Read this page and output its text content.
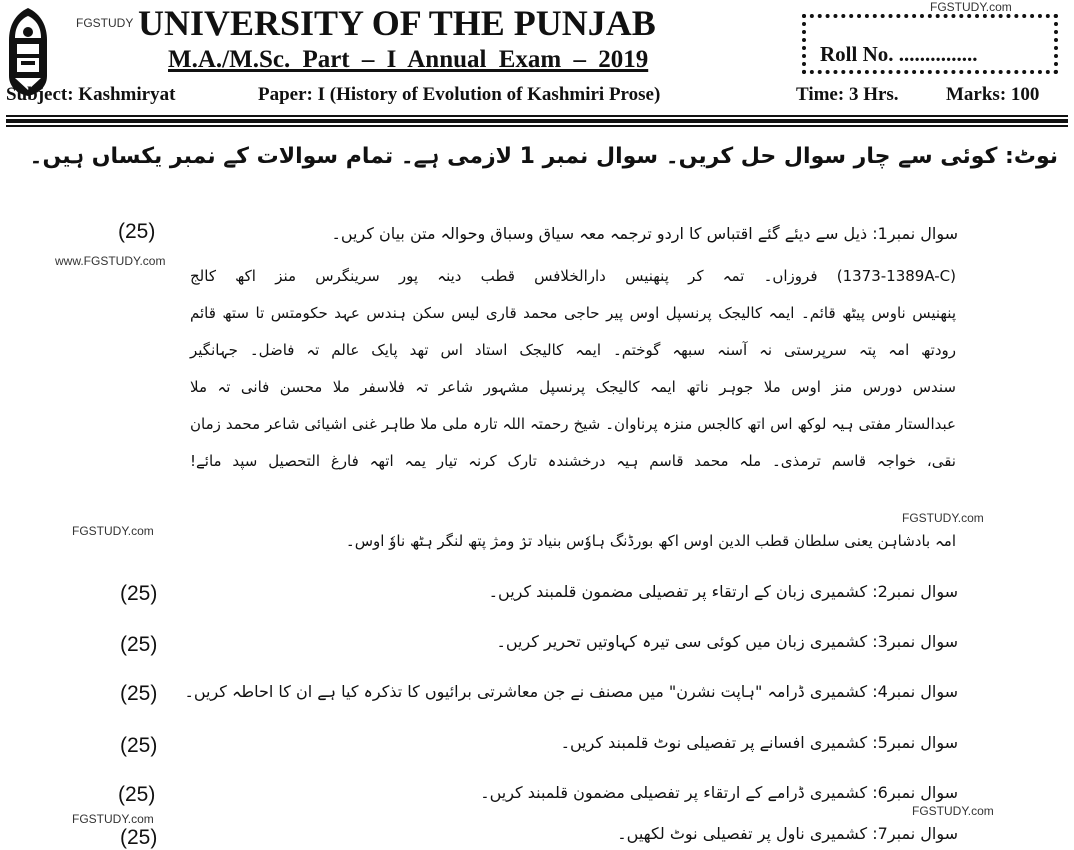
FGSTUDY
FGSTUDY.com
UNIVERSITY OF THE PUNJAB
M.A./M.Sc. Part – I Annual Exam – 2019	Roll No. ...............
Subject: Kashmiryat	Paper: I (History of Evolution of Kashmiri Prose)	Time: 3 Hrs. Marks: 100
نوٹ: کوئی سے چار سوال حل کریں۔ سوال نمبر 1 لازمی ہے۔ تمام سوالات کے نمبر یکساں ہیں۔
سوال نمبر1: ذیل سے دیئے گئے اقتباس کا اردو ترجمہ معہ سیاق وسباق وحوالہ متن بیان کریں۔
(25)
www.FGSTUDY.com
(1373-1389A-C) فروزاں۔ تمہ کر پنھنیس دارالخلافس قطب دینہ پور سرینگرس منز اکھ کالج
پنھنیس ناوس پیٹھ قائم۔ ایمہ کالیجک پرنسپل اوس پیر حاجی محمد قاری لیس سکن ہندس عہد حکومتس تا ستھ قائم
رودتھ امہ پتہ سرپرستی نہ آسنہ سبھہ گوختم۔ ایمہ کالیجک استاد اس تھد پایک عالم تہ فاضل۔ جہانگیر
سندس دورس منز اوس ملا جوہر ناتھ ایمہ کالیجک پرنسپل مشہور شاعر تہ فلاسفر ملا محسن فانی تہ ملا
عبدالستار مفتی ہیہ لوکھ اس اتھ کالجس منزہ پرناوان۔ شیخ رحمتہ اللہ تارہ ملی ملا طاہر غنی اشیائی شاعر محمد زمان
نقی، خواجہ قاسم ترمذی۔ ملہ محمد قاسم ہیہ درخشندہ تارک کرنہ تیار یمہ اتھہ فارغ التحصیل سپد مائے!
امہ بادشاہن یعنی سلطان قطب الدین اوس اکھ بورڈنگ ہاوٗس بنیاد ترٛ ومژ پتھ لنگر ہٹھ ناوٗ اوس۔
FGSTUDY.com
FGSTUDY.com
سوال نمبر2: کشمیری زبان کے ارتقاء پر تفصیلی مضمون قلمبند کریں۔
(25)
سوال نمبر3: کشمیری زبان میں کوئی سی تیرہ کہاوتیں تحریر کریں۔
(25)
سوال نمبر4: کشمیری ڈرامہ "ہاپت نشرن" میں مصنف نے جن معاشرتی برائیوں کا تذکرہ کیا ہے ان کا احاطہ کریں۔
(25)
سوال نمبر5: کشمیری افسانے پر تفصیلی نوٹ قلمبند کریں۔
(25)
سوال نمبر6: کشمیری ڈرامے کے ارتقاء پر تفصیلی مضمون قلمبند کریں۔
(25)
FGSTUDY.com
FGSTUDY.com
سوال نمبر7: کشمیری ناول پر تفصیلی نوٹ لکھیں۔
(25)
